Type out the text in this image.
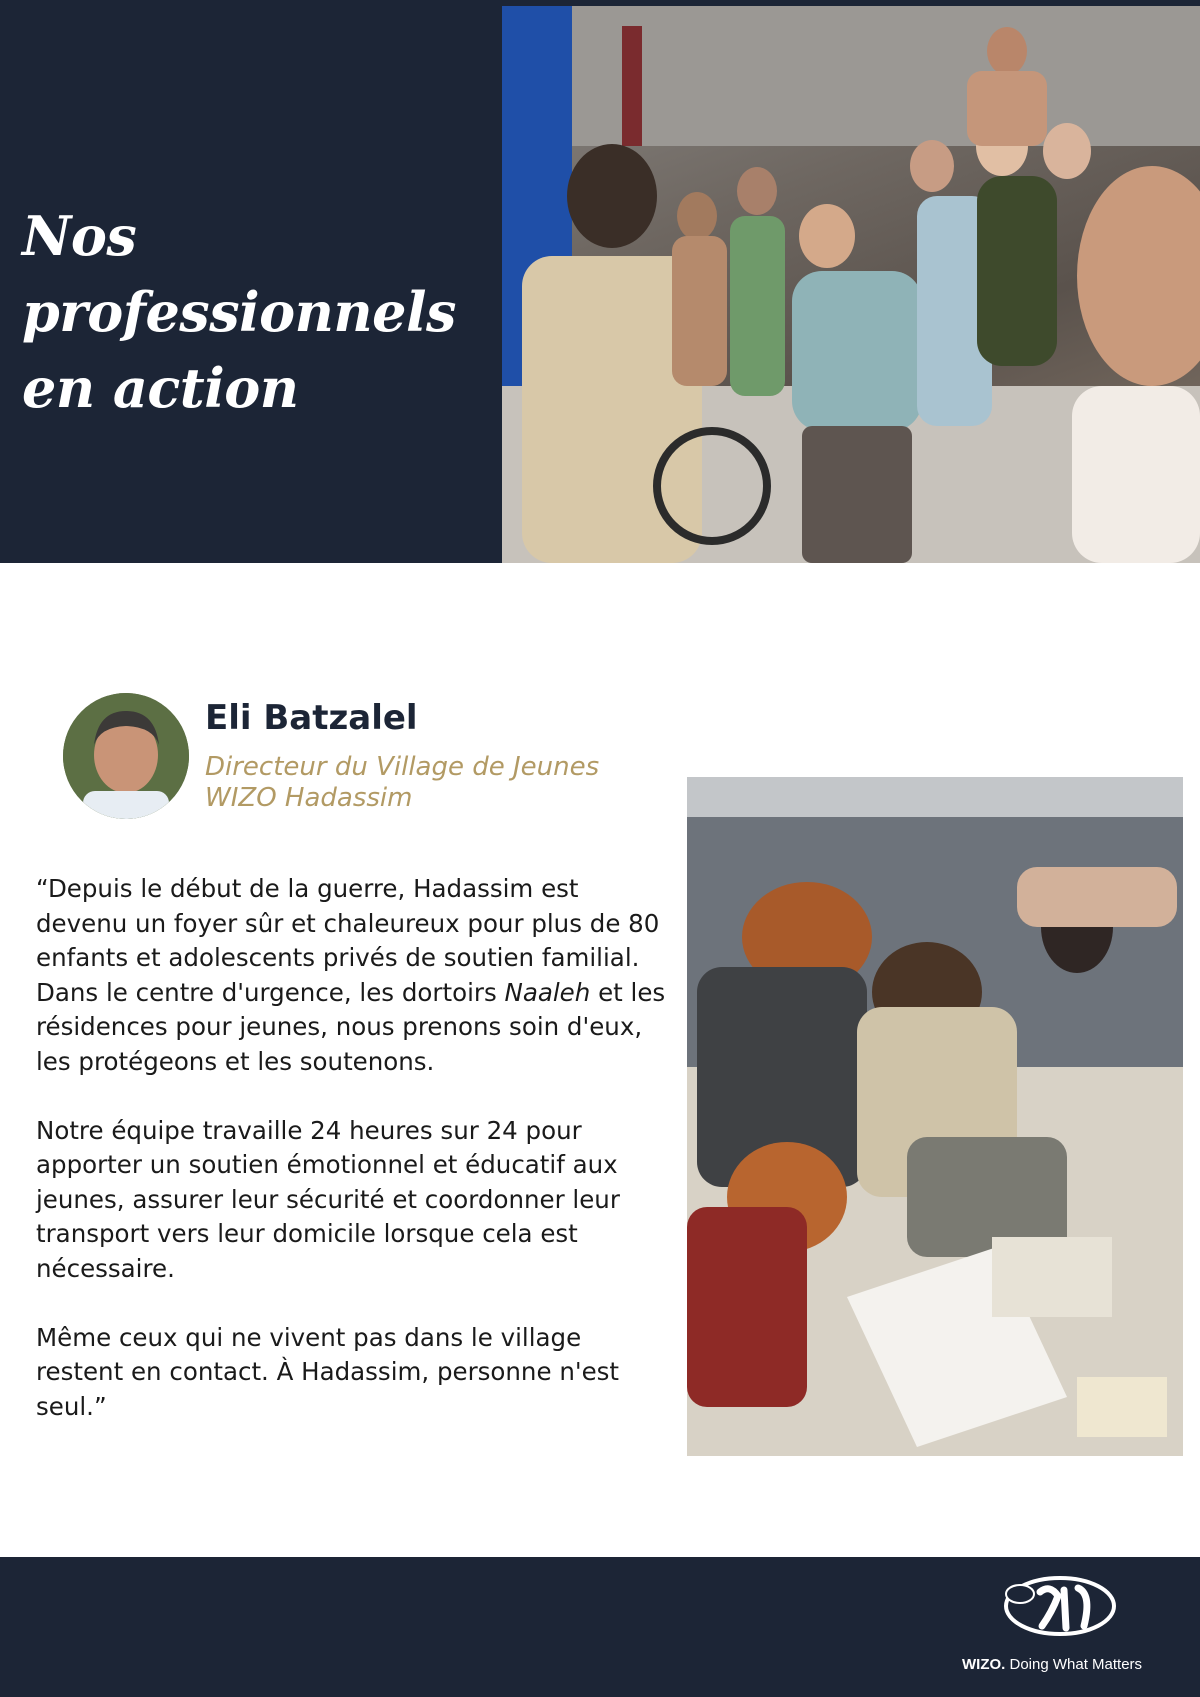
Nos professionnels
en action
Eli Batzalel
Directeur du Village de Jeunes
WIZO Hadassim

“Depuis le début de la guerre, Hadassim est devenu un foyer sûr et chaleureux pour plus de 80 enfants et adolescents privés de soutien familial. Dans le centre d'urgence, les dortoirs Naaleh et les résidences pour jeunes, nous prenons soin d'eux, les protégeons et les soutenons.

Notre équipe travaille 24 heures sur 24 pour apporter un soutien émotionnel et éducatif aux jeunes, assurer leur sécurité et coordonner leur transport vers leur domicile lorsque cela est nécessaire.

Même ceux qui ne vivent pas dans le village restent en contact. À Hadassim, personne n'est seul.”

WIZO. Doing What Matters
